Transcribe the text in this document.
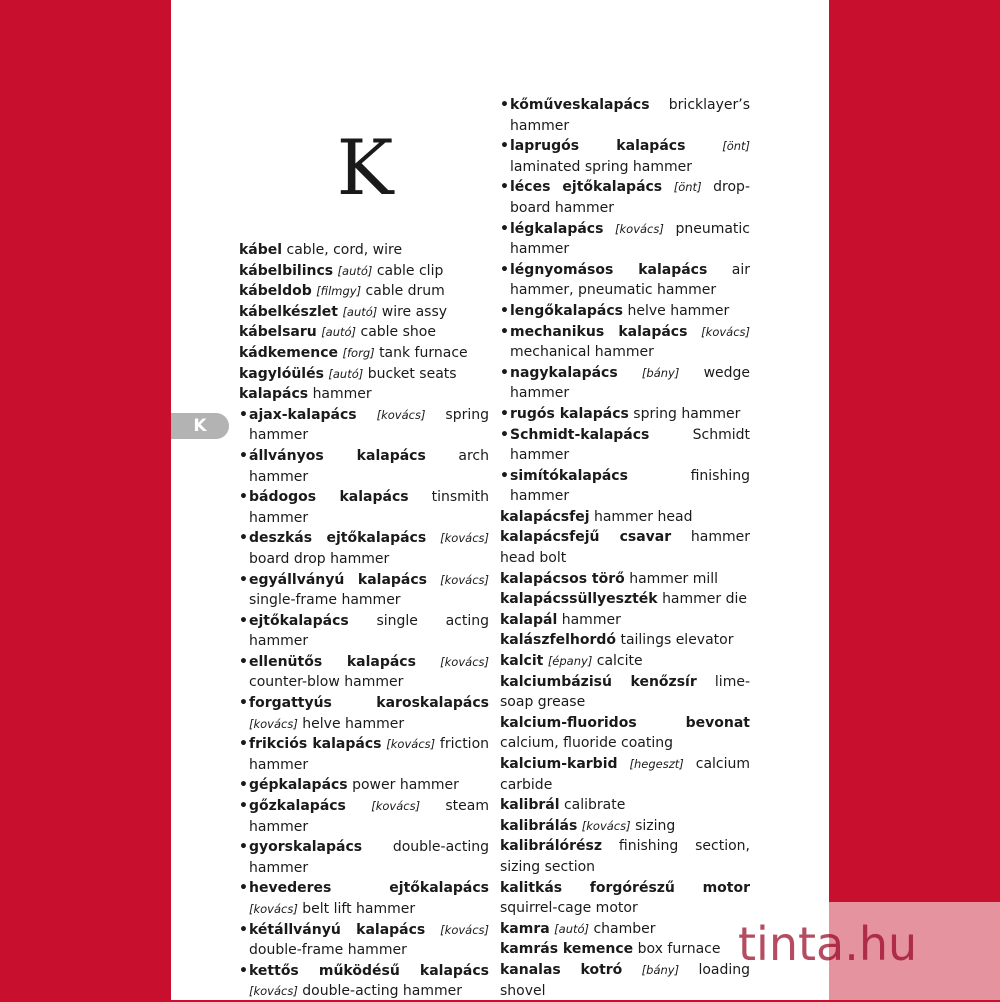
K
K
kábel cable, cord, wire
kábelbilincs [autó] cable clip
kábeldob [filmgy] cable drum
kábelkészlet [autó] wire assy
kábelsaru [autó] cable shoe
kádkemence [forg] tank furnace
kagylóülés [autó] bucket seats
kalapács hammer
• ajax-kalapács [kovács] spring hammer
• állványos kalapács arch hammer
• bádogos kalapács tinsmith hammer
• deszkás ejtőkalapács [kovács] board drop hammer
• egyállványú kalapács [kovács] single-frame hammer
• ejtőkalapács single acting hammer
• ellenütős kalapács [kovács] counter-blow hammer
• forgattyús karoskalapács [kovács] helve hammer
• frikciós kalapács [kovács] friction hammer
• gépkalapács power hammer
• gőzkalapács [kovács] steam hammer
• gyorskalapács double-acting hammer
• hevederes ejtőkalapács [kovács] belt lift hammer
• kétállványú kalapács [kovács] double-frame hammer
• kettős működésű kalapács [kovács] double-acting hammer
• kőműveskalapács bricklayer’s hammer
• laprugós kalapács	[önt] laminated spring hammer
• léces ejtőkalapács [önt] drop-board hammer
• légkalapács [kovács] pneumatic hammer
• légnyomásos kalapács air hammer, pneumatic hammer
• lengőkalapács helve hammer
• mechanikus kalapács [kovács] mechanical hammer
• nagykalapács [bány] wedge hammer
• rugós kalapács spring hammer
• Schmidt-kalapács	Schmidt hammer
• simítókalapács	finishing hammer
kalapácsfej hammer head
kalapácsfejű csavar hammer head bolt
kalapácsos törő hammer mill
kalapácssüllyeszték hammer die
kalapál hammer
kalászfelhordó tailings elevator
kalcit [épany] calcite
kalciumbázisú kenőzsír lime-soap grease
kalcium-fluoridos bevonat calcium, fluoride coating
kalcium-karbid [hegeszt] calcium carbide
kalibrál calibrate
kalibrálás [kovács] sizing
kalibrálórész finishing section, sizing section
kalitkás forgórészű motor squirrel-cage motor
kamra [autó] chamber
kamrás kemence box furnace
kanalas kotró [bány] loading shovel
tinta.hu
